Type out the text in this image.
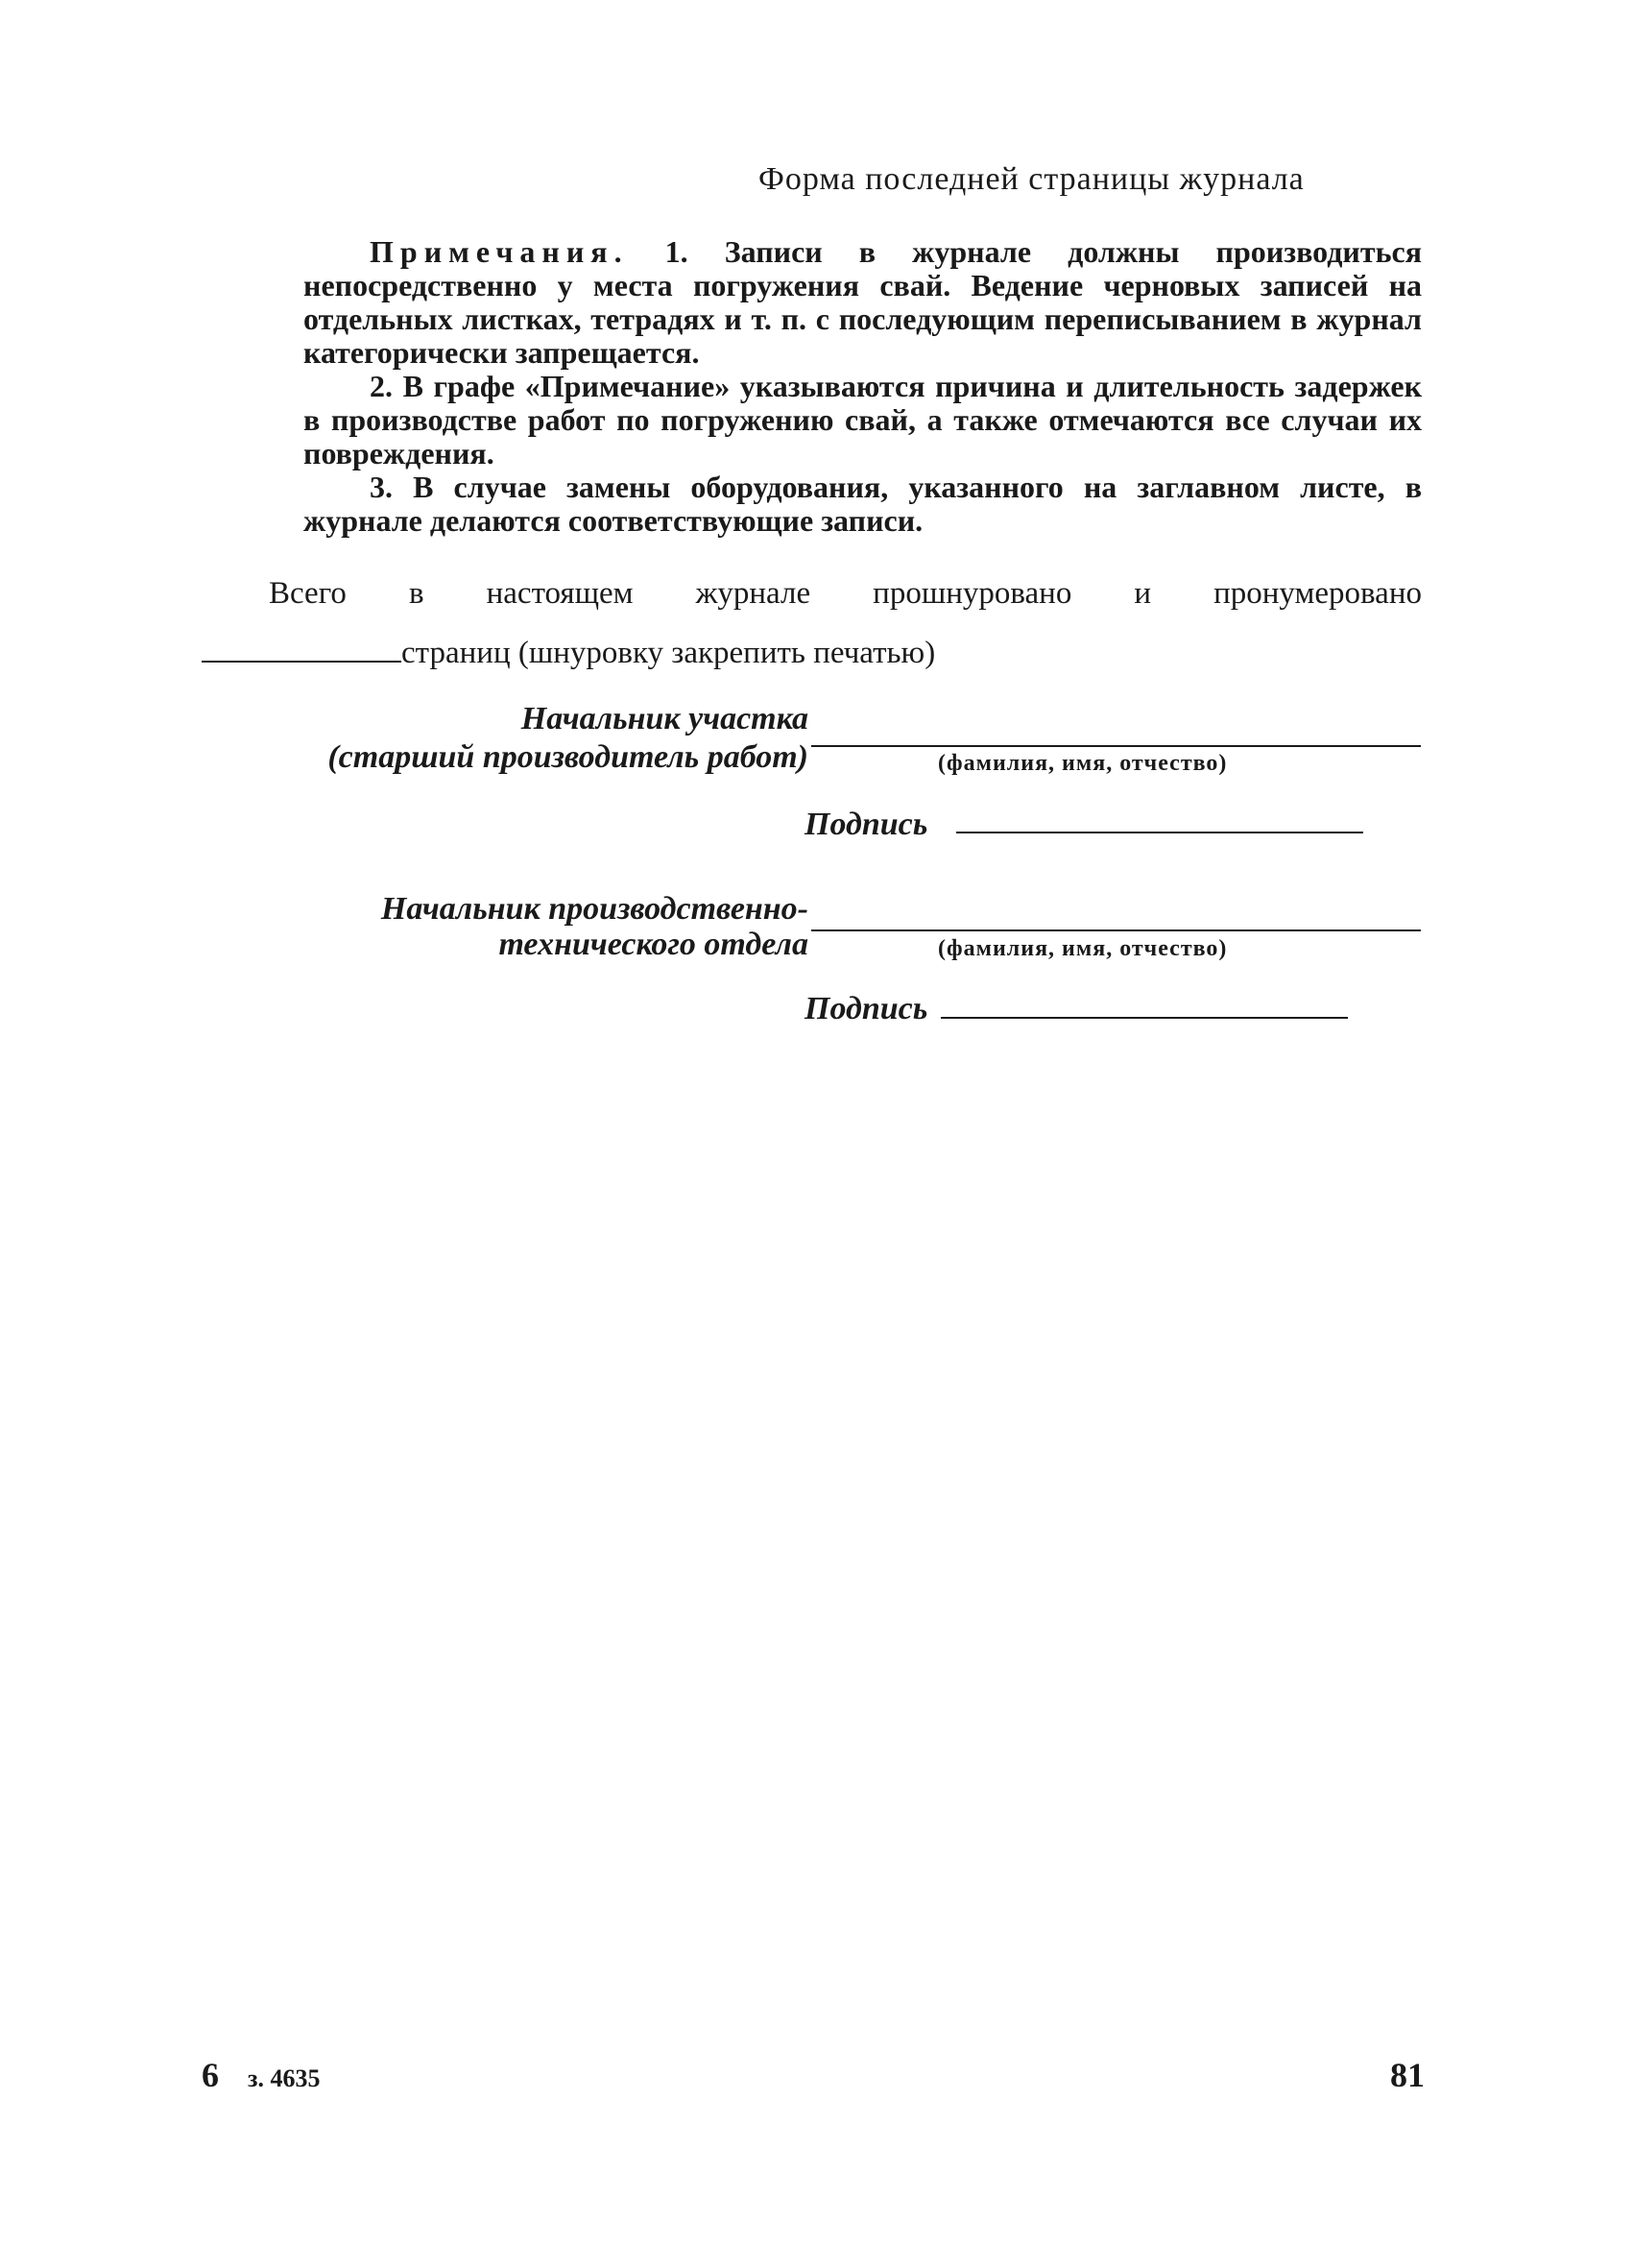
Форма последней страницы журнала

Примечания. 1. Записи в журнале должны производиться непосредственно у места погружения свай. Ведение черновых записей на отдельных листках, тетрадях и т. п. с последующим переписыванием в журнал категорически запрещается.

2. В графе «Примечание» указываются причина и длительность задержек в производстве работ по погружению свай, а также отмечаются все случаи их повреждения.

3. В случае замены оборудования, указанного на заглавном листе, в журнале делаются соответствующие записи.

Всего в настоящем журнале прошнуровано и пронумеровано
страниц (шнуровку закрепить печатью)
Начальник участка
(старший производитель работ)	(фамилия, имя, отчество)
Подпись
Начальник производственно-
технического отдела	(фамилия, имя, отчество)
Подпись
6 з. 4635	81
